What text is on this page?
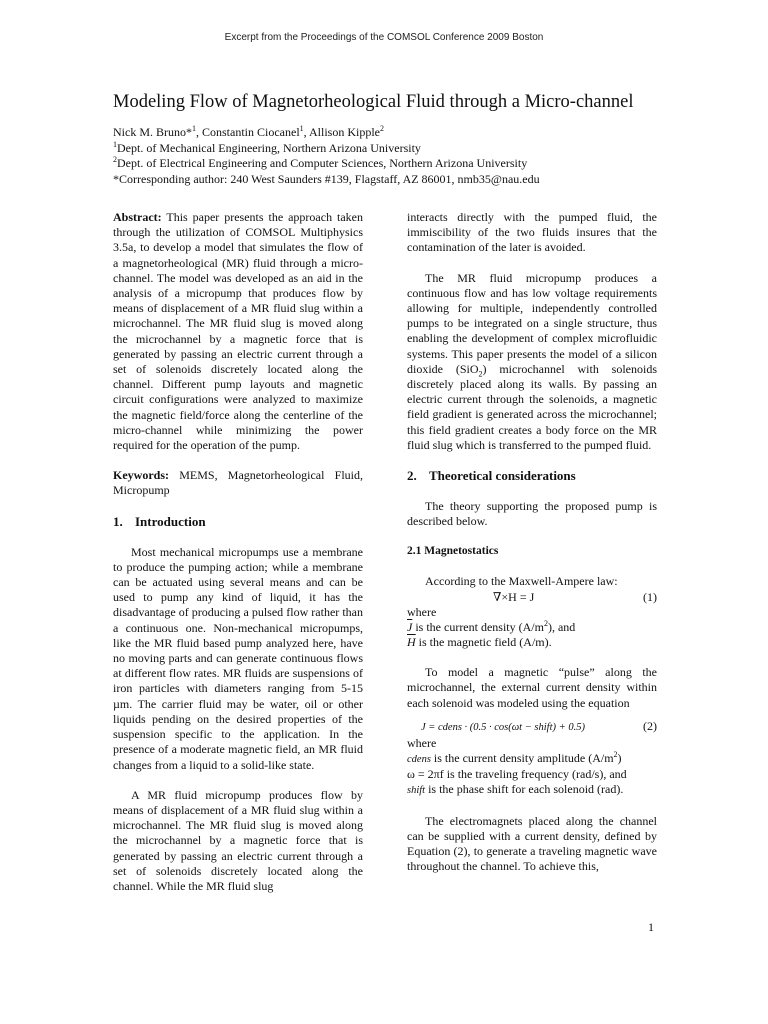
Excerpt from the Proceedings of the COMSOL Conference 2009 Boston
Modeling Flow of Magnetorheological Fluid through a Micro-channel
Nick M. Bruno*$^1$, Constantin Ciocanel$^1$, Allison Kipple$^2$
$^1$Dept. of Mechanical Engineering, Northern Arizona University
$^2$Dept. of Electrical Engineering and Computer Sciences, Northern Arizona University
*Corresponding author: 240 West Saunders #139, Flagstaff, AZ 86001, nmb35@nau.edu

Abstract: This paper presents the approach taken through the utilization of COMSOL Multiphysics 3.5a, to develop a model that simulates the flow of a magnetorheological (MR) fluid through a micro-channel. The model was developed as an aid in the analysis of a micropump that produces flow by means of displacement of a MR fluid slug within a microchannel. The MR fluid slug is moved along the microchannel by a magnetic force that is generated by passing an electric current through a set of solenoids discretely located along the channel. Different pump layouts and magnetic circuit configurations were analyzed to maximize the magnetic field/force along the centerline of the micro-channel while minimizing the power required for the operation of the pump.

Keywords: MEMS, Magnetorheological Fluid, Micropump

1. Introduction

Most mechanical micropumps use a membrane to produce the pumping action; while a membrane can be actuated using several means and can be used to pump any kind of liquid, it has the disadvantage of producing a pulsed flow rather than a continuous one. Non-mechanical micropumps, like the MR fluid based pump analyzed here, have no moving parts and can generate continuous flows at different flow rates. MR fluids are suspensions of iron particles with diameters ranging from 5-15 µm. The carrier fluid may be water, oil or other liquids pending on the desired properties of the suspension specific to the application. In the presence of a moderate magnetic field, an MR fluid changes from a liquid to a solid-like state.

A MR fluid micropump produces flow by means of displacement of a MR fluid slug within a microchannel. The MR fluid slug is moved along the microchannel by a magnetic force that is generated by passing an electric current through a set of solenoids discretely located along the channel. While the MR fluid slug

interacts directly with the pumped fluid, the immiscibility of the two fluids insures that the contamination of the later is avoided.

The MR fluid micropump produces a continuous flow and has low voltage requirements allowing for multiple, independently controlled pumps to be integrated on a single structure, thus enabling the development of complex microfluidic systems. This paper presents the model of a silicon dioxide (SiO$_2$) microchannel with solenoids discretely placed along its walls. By passing an electric current through the solenoids, a magnetic field gradient is generated across the microchannel; this field gradient creates a body force on the MR fluid slug which is transferred to the pumped fluid.

2. Theoretical considerations

The theory supporting the proposed pump is described below.

2.1 Magnetostatics

According to the Maxwell-Ampere law:

∇×H = J	(1)

where

$\overline{J}$ is the current density $(A/m^2)$, and

$\overline{H}$ is the magnetic field (A/m).

To model a magnetic “pulse” along the microchannel, the external current density within each solenoid was modeled using the equation

J = cdens · (0.5 · cos(ωt − shift) + 0.5)	(2)

where

cdens is the current density amplitude $(A/m^2)$

ω = 2πf is the traveling frequency (rad/s), and

shift is the phase shift for each solenoid (rad).

The electromagnets placed along the channel can be supplied with a current density, defined by Equation (2), to generate a traveling magnetic wave throughout the channel. To achieve this,

1
